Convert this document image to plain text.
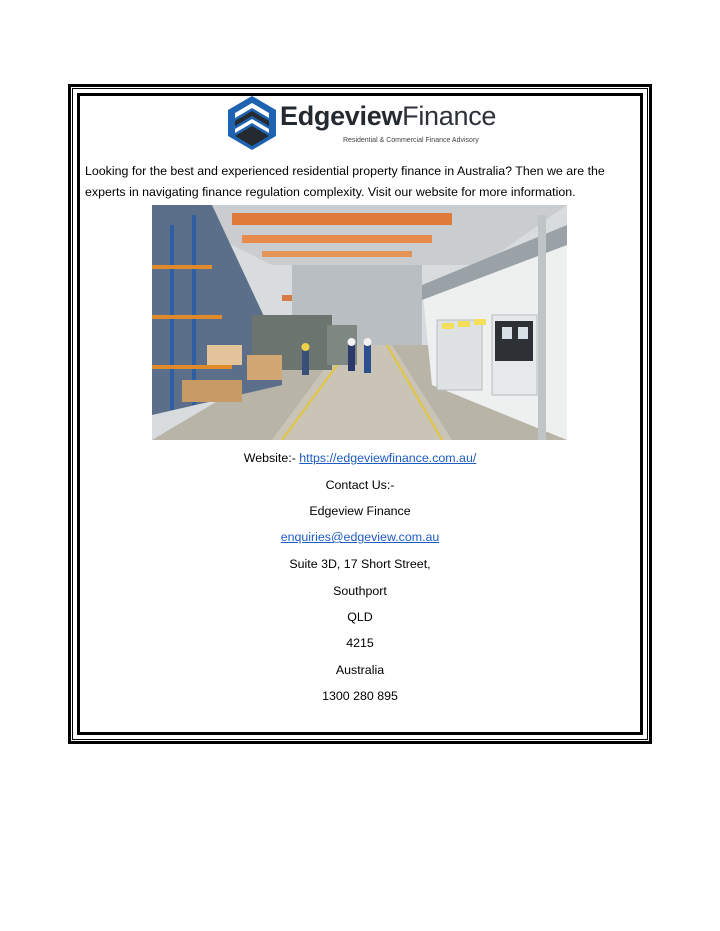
EdgeviewFinance
Residential & Commercial Finance Advisory
Looking for the best and experienced residential property finance in Australia? Then we are the experts in navigating finance regulation complexity. Visit our website for more information.
Website:- https://edgeviewfinance.com.au/
Contact Us:-
Edgeview Finance
enquiries@edgeview.com.au
Suite 3D, 17 Short Street,
Southport
QLD
4215
Australia
1300 280 895
